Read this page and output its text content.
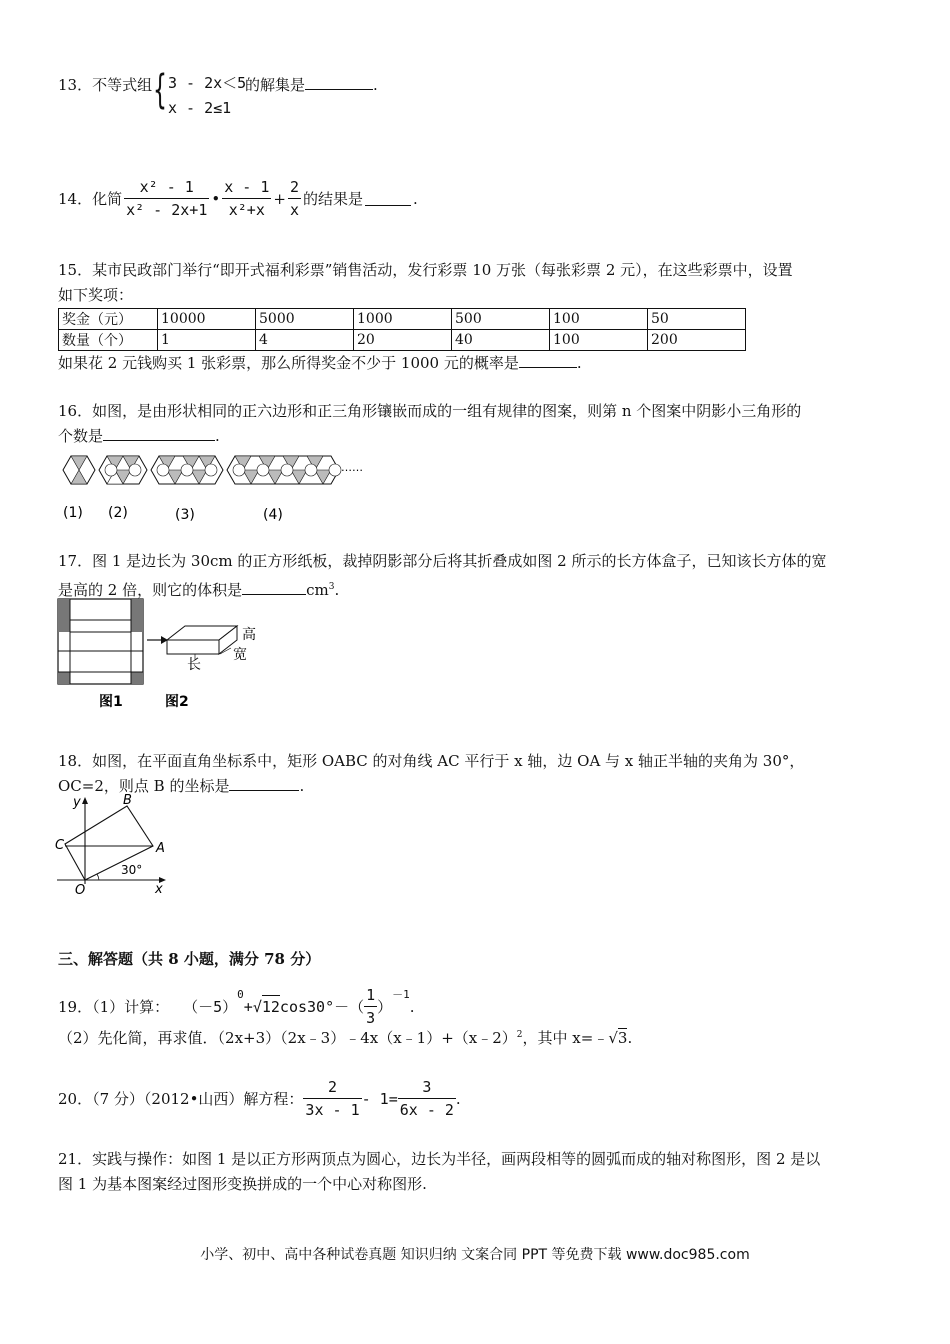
13．不等式组 { 3 - 2x＜5
x - 2≤1
的解集是	.
14．化简 $\frac{\text{x² - 1}}{\text{x² - 2x+1}}$ • $\frac{x - 1}{\text{x²+x}} + \frac{2}{x}$ 的结果是	.
15．某市民政部门举行“即开式福利彩票”销售活动，发行彩票 10 万张（每张彩票 2 元），在这些彩票中，设置
如下奖项：
奖金（元）	10000	5000	1000	500	100	50
数量（个）	1	4	20	40	100	200
如果花 2 元钱购买 1 张彩票，那么所得奖金不少于 1000 元的概率是	.
16．如图，是由形状相同的正六边形和正三角形镶嵌而成的一组有规律的图案，则第 n 个图案中阴影小三角形的
个数是	.
……
(1) (2)	(3)	(4)
17．图 1 是边长为 30cm 的正方形纸板，裁掉阴影部分后将其折叠成如图 2 所示的长方体盒子，已知该长方体的宽
是高的 2 倍，则它的体积是	$cm^3$.
高
宽
长
图1	图2
18．如图，在平面直角坐标系中，矩形 OABC 的对角线 AC 平行于 x 轴，边 OA 与 x 轴正半轴的夹角为 30°，
OC=2，则点 B 的坐标是	.
y
x
O
A
B
C
30°
三、解答题（共 8 小题，满分 78 分）
19．（1）计算： （－5）
$^0$
+ √ 12 cos30° －（ $\frac{1}{3}$ ）
$^{-1}$
.
（2）先化简，再求值．（2x+3）（2x﹣3）﹣4x（x﹣1）+（x﹣2）$^2$，其中 x=﹣√3.
20．（7 分）（2012•山西）解方程： $\frac{2}{3x - 1} - 1= \frac{3}{6x - 2}$ .
21．实践与操作：如图 1 是以正方形两顶点为圆心，边长为半径，画两段相等的圆弧而成的轴对称图形，图 2 是以
图 1 为基本图案经过图形变换拼成的一个中心对称图形.
小学、初中、高中各种试卷真题 知识归纳 文案合同 PPT 等免费下载 www.doc985.com
